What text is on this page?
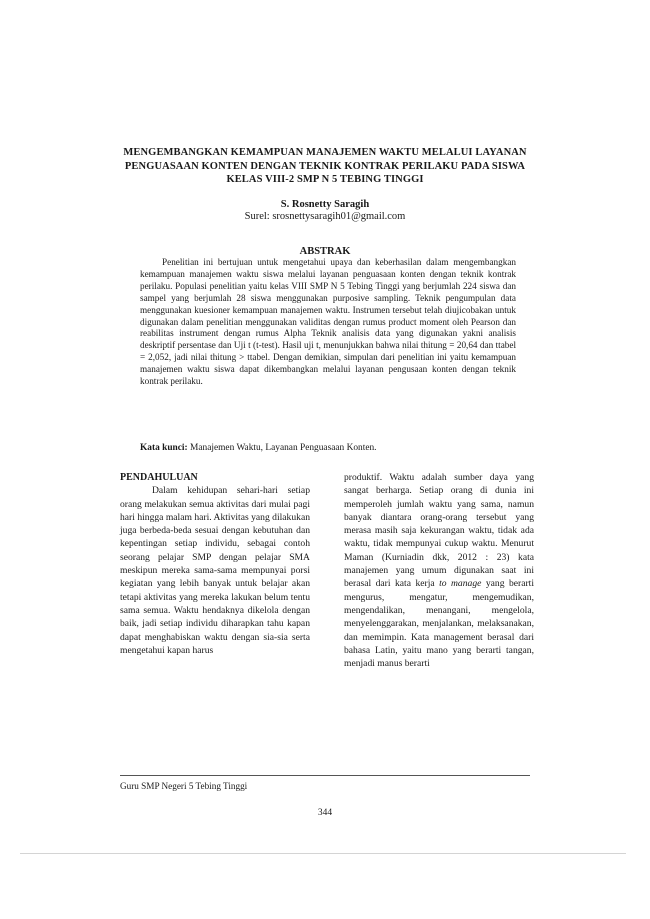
MENGEMBANGKAN KEMAMPUAN MANAJEMEN WAKTU MELALUI LAYANAN PENGUASAAN KONTEN DENGAN TEKNIK KONTRAK PERILAKU PADA SISWA KELAS VIII-2 SMP N 5 TEBING TINGGI
S. Rosnetty Saragih
Surel: srosnettysaragih01@gmail.com
ABSTRAK
Penelitian ini bertujuan untuk mengetahui upaya dan keberhasilan dalam mengembangkan kemampuan manajemen waktu siswa melalui layanan penguasaan konten dengan teknik kontrak perilaku. Populasi penelitian yaitu kelas VIII SMP N 5 Tebing Tinggi yang berjumlah 224 siswa dan sampel yang berjumlah 28 siswa menggunakan purposive sampling. Teknik pengumpulan data menggunakan kuesioner kemampuan manajemen waktu. Instrumen tersebut telah diujicobakan untuk digunakan dalam penelitian menggunakan validitas dengan rumus product moment oleh Pearson dan reabilitas instrument dengan rumus Alpha Teknik analisis data yang digunakan yakni analisis deskriptif persentase dan Uji t (t-test). Hasil uji t, menunjukkan bahwa nilai thitung = 20,64 dan ttabel = 2,052, jadi nilai thitung > ttabel. Dengan demikian, simpulan dari penelitian ini yaitu kemampuan manajemen waktu siswa dapat dikembangkan melalui layanan pengusaan konten dengan teknik kontrak perilaku.
Kata kunci: Manajemen Waktu, Layanan Penguasaan Konten.
PENDAHULUAN
Dalam kehidupan sehari-hari setiap orang melakukan semua aktivitas dari mulai pagi hari hingga malam hari. Aktivitas yang dilakukan juga berbeda-beda sesuai dengan kebutuhan dan kepentingan setiap individu, sebagai contoh seorang pelajar SMP dengan pelajar SMA meskipun mereka sama-sama mempunyai porsi kegiatan yang lebih banyak untuk belajar akan tetapi aktivitas yang mereka lakukan belum tentu sama semua. Waktu hendaknya dikelola dengan baik, jadi setiap individu diharapkan tahu kapan dapat menghabiskan waktu dengan sia-sia serta mengetahui kapan harus
produktif. Waktu adalah sumber daya yang sangat berharga. Setiap orang di dunia ini memperoleh jumlah waktu yang sama, namun banyak diantara orang-orang tersebut yang merasa masih saja kekurangan waktu, tidak ada waktu, tidak mempunyai cukup waktu. Menurut Maman (Kurniadin dkk, 2012 : 23) kata manajemen yang umum digunakan saat ini berasal dari kata kerja to manage yang berarti mengurus, mengatur, mengemudikan, mengendalikan, menangani, mengelola, menyelenggarakan, menjalankan, melaksanakan, dan memimpin. Kata management berasal dari bahasa Latin, yaitu mano yang berarti tangan, menjadi manus berarti
Guru SMP Negeri 5 Tebing Tinggi
344
